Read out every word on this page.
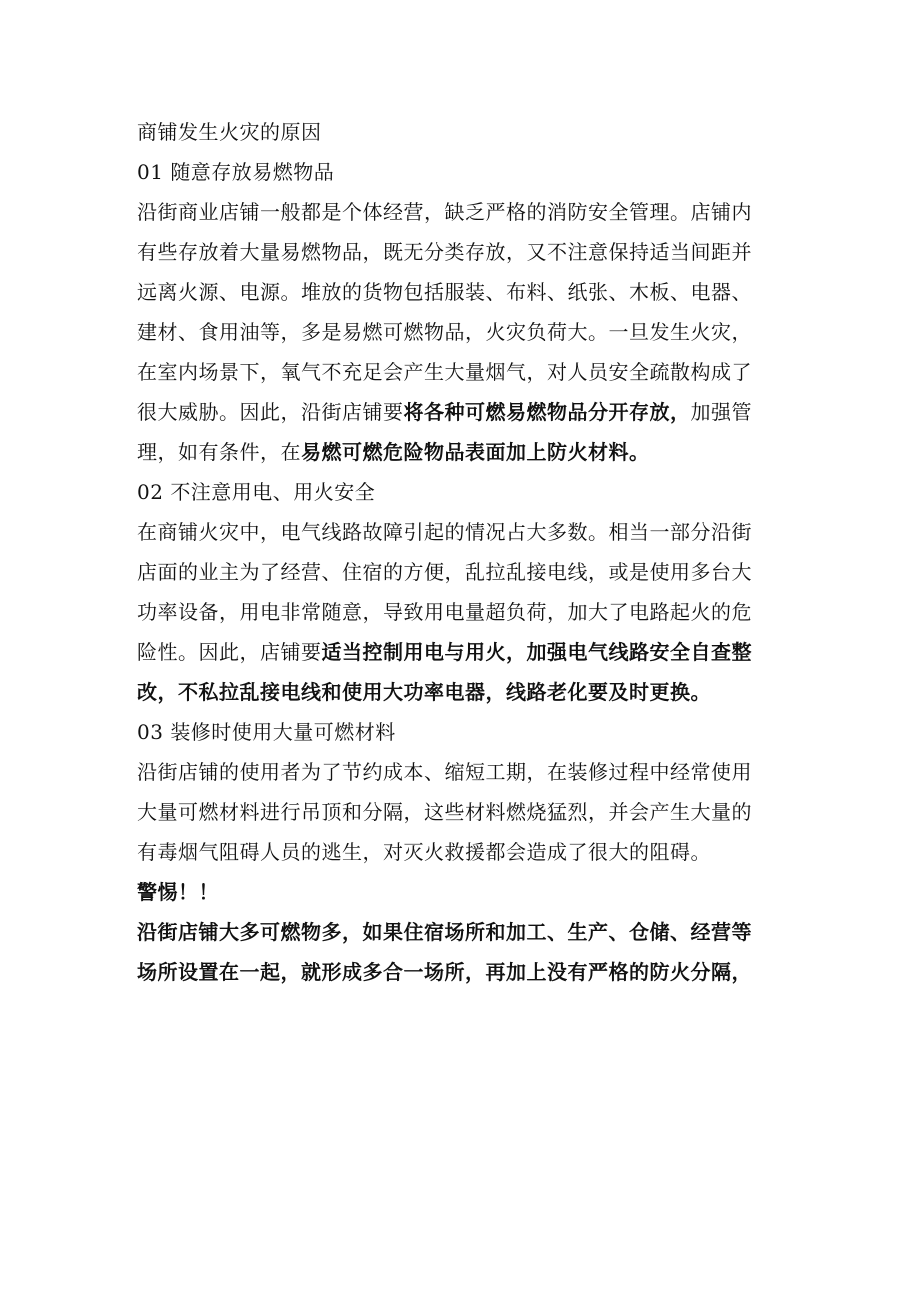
商铺发生火灾的原因

01 随意存放易燃物品

沿街商业店铺一般都是个体经营，缺乏严格的消防安全管理。店铺内

有些存放着大量易燃物品，既无分类存放，又不注意保持适当间距并

远离火源、电源。堆放的货物包括服装、布料、纸张、木板、电器、

建材、食用油等，多是易燃可燃物品，火灾负荷大。一旦发生火灾，

在室内场景下，氧气不充足会产生大量烟气，对人员安全疏散构成了

很大威胁。因此，沿街店铺要将各种可燃易燃物品分开存放，加强管

理，如有条件，在易燃可燃危险物品表面加上防火材料。

02 不注意用电、用火安全

在商铺火灾中，电气线路故障引起的情况占大多数。相当一部分沿街

店面的业主为了经营、住宿的方便，乱拉乱接电线，或是使用多台大

功率设备，用电非常随意，导致用电量超负荷，加大了电路起火的危

险性。因此，店铺要适当控制用电与用火，加强电气线路安全自查整

改，不私拉乱接电线和使用大功率电器，线路老化要及时更换。

03 装修时使用大量可燃材料

沿街店铺的使用者为了节约成本、缩短工期，在装修过程中经常使用

大量可燃材料进行吊顶和分隔，这些材料燃烧猛烈，并会产生大量的

有毒烟气阻碍人员的逃生，对灭火救援都会造成了很大的阻碍。

警惕！！

沿街店铺大多可燃物多，如果住宿场所和加工、生产、仓储、经营等

场所设置在一起，就形成多合一场所，再加上没有严格的防火分隔，
